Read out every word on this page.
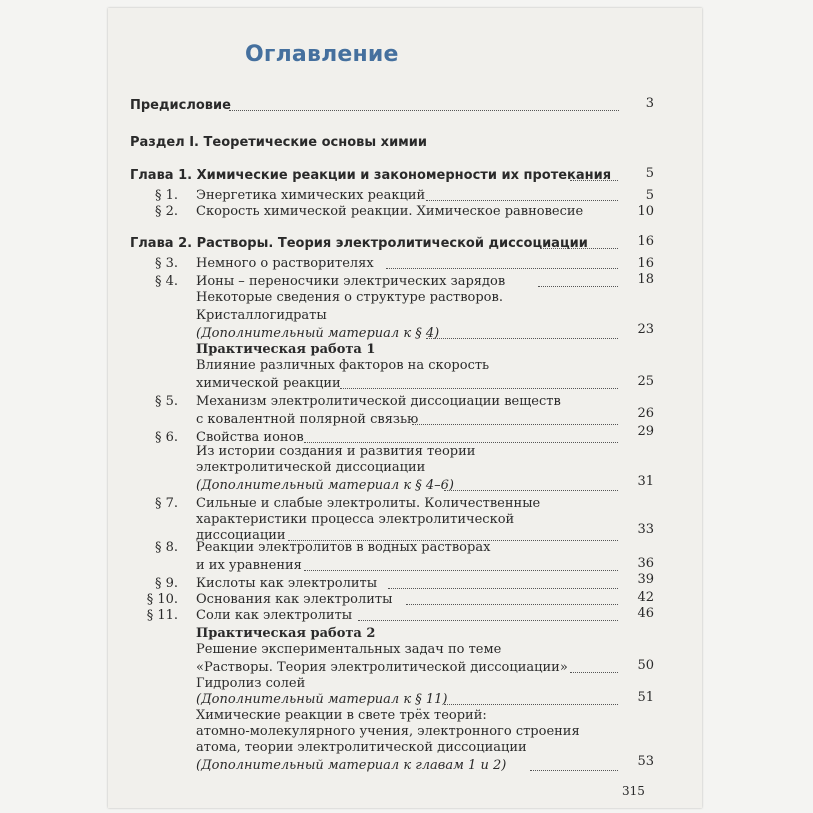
Оглавление
Предисловие	3
Раздел I. Теоретические основы химии
Глава 1. Химические реакции и закономерности их протекания	5
§ 1. Энергетика химических реакций	5
§ 2. Скорость химической реакции. Химическое равновесие	10
Глава 2. Растворы. Теория электролитической диссоциации	16
§ 3. Немного о растворителях	16
§ 4. Ионы – переносчики электрических зарядов	18
Некоторые сведения о структуре растворов.
Кристаллогидраты
(Дополнительный материал к § 4)	23
Практическая работа 1
Влияние различных факторов на скорость
химической реакции	25
§ 5. Механизм электролитической диссоциации веществ
с ковалентной полярной связью	26
§ 6. Свойства ионов	29
Из истории создания и развития теории
электролитической диссоциации
(Дополнительный материал к § 4–6)	31
§ 7. Сильные и слабые электролиты. Количественные
характеристики процесса электролитической
диссоциации	33
§ 8. Реакции электролитов в водных растворах
и их уравнения	36
§ 9. Кислоты как электролиты	39
§ 10. Основания как электролиты	42
§ 11. Соли как электролиты	46
Практическая работа 2
Решение экспериментальных задач по теме
«Растворы. Теория электролитической диссоциации»	50
Гидролиз солей
(Дополнительный материал к § 11)	51
Химические реакции в свете трёх теорий:
атомно-молекулярного учения, электронного строения
атома, теории электролитической диссоциации
(Дополнительный материал к главам 1 и 2)	53
315
